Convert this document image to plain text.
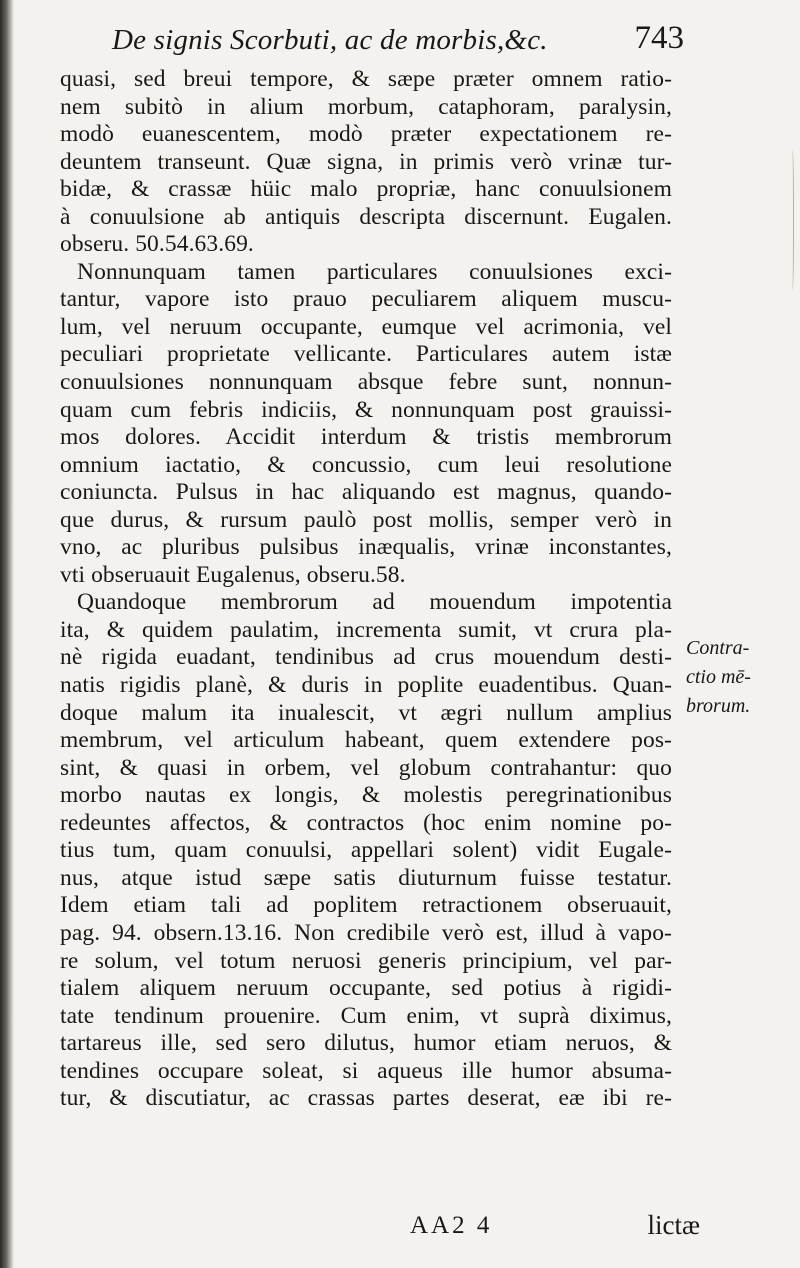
De signis Scorbuti, ac de morbis,&c.	743
quasi, sed breui tempore, & sæpe præter omnem ratio-
nem subitò in alium morbum, cataphoram, paralysin,
modò euanescentem, modò præter expectationem re-
deuntem transeunt. Quæ signa, in primis verò vrinæ tur-
bidæ, & crassæ hüic malo propriæ, hanc conuulsionem
à conuulsione ab antiquis descripta discernunt. Eugalen.
obseru. 50.54.63.69.
Nonnunquam tamen particulares conuulsiones exci-
tantur, vapore isto prauo peculiarem aliquem muscu-
lum, vel neruum occupante, eumque vel acrimonia, vel
peculiari proprietate vellicante. Particulares autem istæ
conuulsiones nonnunquam absque febre sunt, nonnun-
quam cum febris indiciis, & nonnunquam post grauissi-
mos dolores. Accidit interdum & tristis membrorum
omnium iactatio, & concussio, cum leui resolutione
coniuncta. Pulsus in hac aliquando est magnus, quando-
que durus, & rursum paulò post mollis, semper verò in
vno, ac pluribus pulsibus inæqualis, vrinæ inconstantes,
vti obseruauit Eugalenus, obseru.58.
Quandoque membrorum ad mouendum impotentia
ita, & quidem paulatim, incrementa sumit, vt crura pla-
nè rigida euadant, tendinibus ad crus mouendum desti-
natis rigidis planè, & duris in poplite euadentibus. Quan-
doque malum ita inualescit, vt ægri nullum amplius
membrum, vel articulum habeant, quem extendere pos-
sint, & quasi in orbem, vel globum contrahantur: quo
morbo nautas ex longis, & molestis peregrinationibus
redeuntes affectos, & contractos (hoc enim nomine po-
tius tum, quam conuulsi, appellari solent) vidit Eugale-
nus, atque istud sæpe satis diuturnum fuisse testatur.
Idem etiam tali ad poplitem retractionem obseruauit,
pag. 94. obsern.13.16. Non credibile verò est, illud à vapo-
re solum, vel totum neruosi generis principium, vel par-
tialem aliquem neruum occupante, sed potius à rigidi-
tate tendinum prouenire. Cum enim, vt suprà diximus,
tartareus ille, sed sero dilutus, humor etiam neruos, &
tendines occupare soleat, si aqueus ille humor absuma-
tur, & discutiatur, ac crassas partes deserat, eæ ibi re-
Contra-
ctio mē-
brorum.
AA2 4	lictæ
